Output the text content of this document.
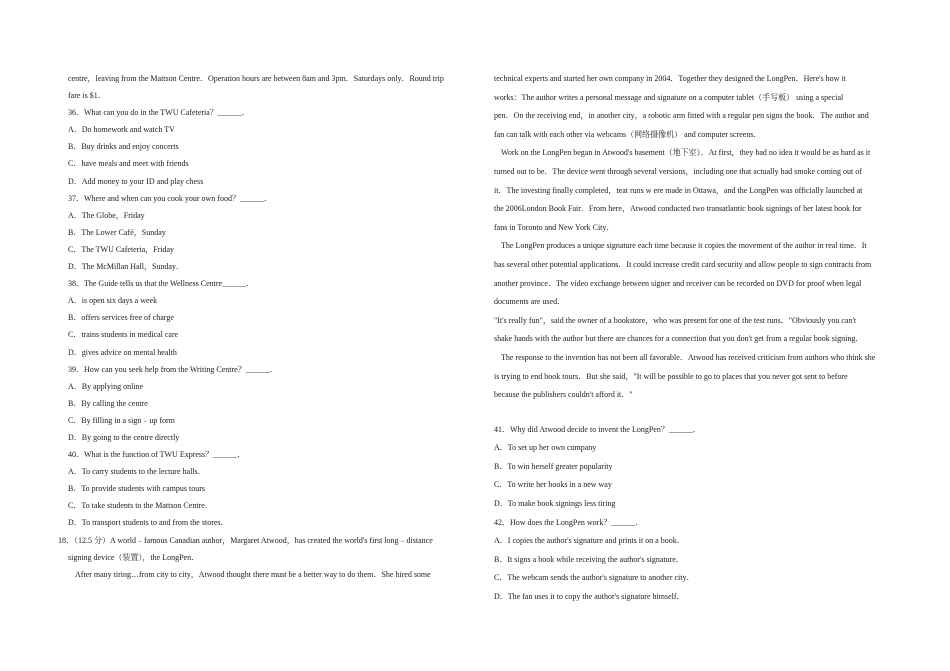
centre，leaving from the Mattson Centre．Operation hours are between 8am and 3pm．Saturdays only．Round trip
fare is $1．
36．What can you do in the TWU Cafeteria？______．
A．Do homework and watch TV
B．Buy drinks and enjoy concerts
C．have meals and meet with friends
D．Add money to your ID and play chess
37．Where and when can you cook your own food？______．
A．The Globe，Friday
B．The Lower Café，Sunday
C．The TWU Cafeteria，Friday
D．The McMillan Hall，Sunday．
38．The Guide tells us that the Wellness Centre______．
A．is open six days a week
B．offers services free of charge
C．trains students in medical care
D．gives advice on mental health
39．How can you seek help from the Writing Centre？______．
A．By applying online
B．By calling the centre
C．By filling in a sign﹣up form
D．By going to the centre directly
40．What is the function of TWU Express？______．
A．To carry students to the lecture halls．
B．To provide students with campus tours
C．To take students to the Mattson Centre．
D．To transport students to and from the stores．
18．（12.5 分）A world﹣famous Canadian author，Margaret Atwood，has created the world's first long﹣distance
signing device（装置），the LongPen．
After many tiring…from city to city，Atwood thought there must be a better way to do them．She hired some
technical experts and started her own company in 2004．Together they designed the LongPen．Here's how it
works：The author writes a personal message and signature on a computer tablet（手写板） using a special
pen．On the receiving end，in another city，a robotic arm fitted with a regular pen signs the book．The author and
fan can talk with each other via webcams（网络摄像机） and computer screens．
Work on the LongPen began in Atwood's basement（地下室）．At first，they had no idea it would be as hard as it
turned out to be．The device went through several versions，including one that actually had smoke coming out of
it．The investing finally completed，teat runs w ere made in Ottawa，and the LongPen was officially launched at
the 2006London Book Fair．From here，Atwood conducted two transatlantic book signings of her latest book for
fans in Toronto and New York City．
The LongPen produces a unique signature each time because it copies the movement of the author in real time．It
has several other potential applications．It could increase credit card security and allow people to sign contracts from
another province．The video exchange between signer and receiver can be recorded on DVD for proof when legal
documents are used．
"It's really fun"，said the owner of a bookstore，who was present for one of the test runs．"Obviously you can't
shake hands with the author but there are chances for a connection that you don't get from a regular book signing．
The response to the invention has not been all favorable．Atwood has received criticism from authors who think she
is trying to end book tours．But she said，"It will be possible to go to places that you never got sent to before
because the publishers couldn't afford it．"
41．Why did Atwood decide to invent the LongPen？______．
A．To set up her own company
B．To win herself greater popularity
C．To write her books in a new way
D．To make book signings less tiring
42．How does the LongPen work？______．
A．I copies the author's signature and prints it on a book．
B．It signs a book while receiving the author's signature．
C．The webcam sends the author's signature to another city．
D．The fan uses it to copy the author's signature himself．
